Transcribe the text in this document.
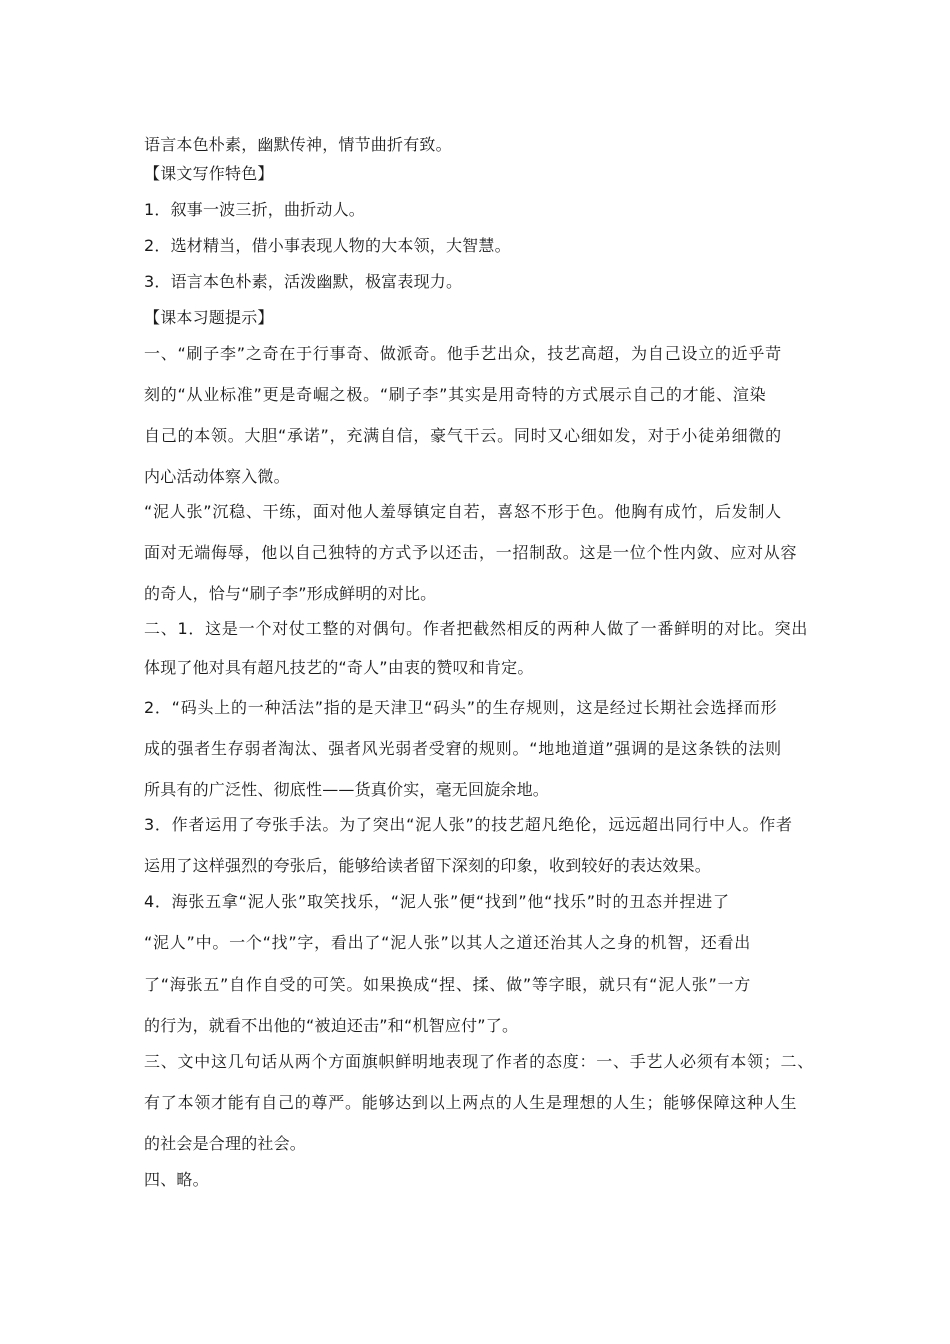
语言本色朴素，幽默传神，情节曲折有致。
【课文写作特色】
1．叙事一波三折，曲折动人。
2．选材精当，借小事表现人物的大本领，大智慧。
3．语言本色朴素，活泼幽默，极富表现力。
【课本习题提示】
一、“刷子李”之奇在于行事奇、做派奇。他手艺出众，技艺高超，为自己设立的近乎苛
刻的“从业标准”更是奇崛之极。“刷子李”其实是用奇特的方式展示自己的才能、渲染
自己的本领。大胆“承诺”，充满自信，豪气干云。同时又心细如发，对于小徒弟细微的
内心活动体察入微。
“泥人张”沉稳、干练，面对他人羞辱镇定自若，喜怒不形于色。他胸有成竹，后发制人
面对无端侮辱，他以自己独特的方式予以还击，一招制敌。这是一位个性内敛、应对从容
的奇人，恰与“刷子李”形成鲜明的对比。
二、1．这是一个对仗工整的对偶句。作者把截然相反的两种人做了一番鲜明的对比。突出
体现了他对具有超凡技艺的“奇人”由衷的赞叹和肯定。
2．“码头上的一种活法”指的是天津卫“码头”的生存规则，这是经过长期社会选择而形
成的强者生存弱者淘汰、强者风光弱者受窘的规则。“地地道道”强调的是这条铁的法则
所具有的广泛性、彻底性——货真价实，毫无回旋余地。
3．作者运用了夸张手法。为了突出“泥人张”的技艺超凡绝伦，远远超出同行中人。作者
运用了这样强烈的夸张后，能够给读者留下深刻的印象，收到较好的表达效果。
4．海张五拿“泥人张”取笑找乐，“泥人张”便“找到”他“找乐”时的丑态并捏进了
“泥人”中。一个“找”字，看出了“泥人张”以其人之道还治其人之身的机智，还看出
了“海张五”自作自受的可笑。如果换成“捏、揉、做”等字眼，就只有“泥人张”一方
的行为，就看不出他的“被迫还击”和“机智应付”了。
三、文中这几句话从两个方面旗帜鲜明地表现了作者的态度：一、手艺人必须有本领；二、
有了本领才能有自己的尊严。能够达到以上两点的人生是理想的人生；能够保障这种人生
的社会是合理的社会。
四、略。
